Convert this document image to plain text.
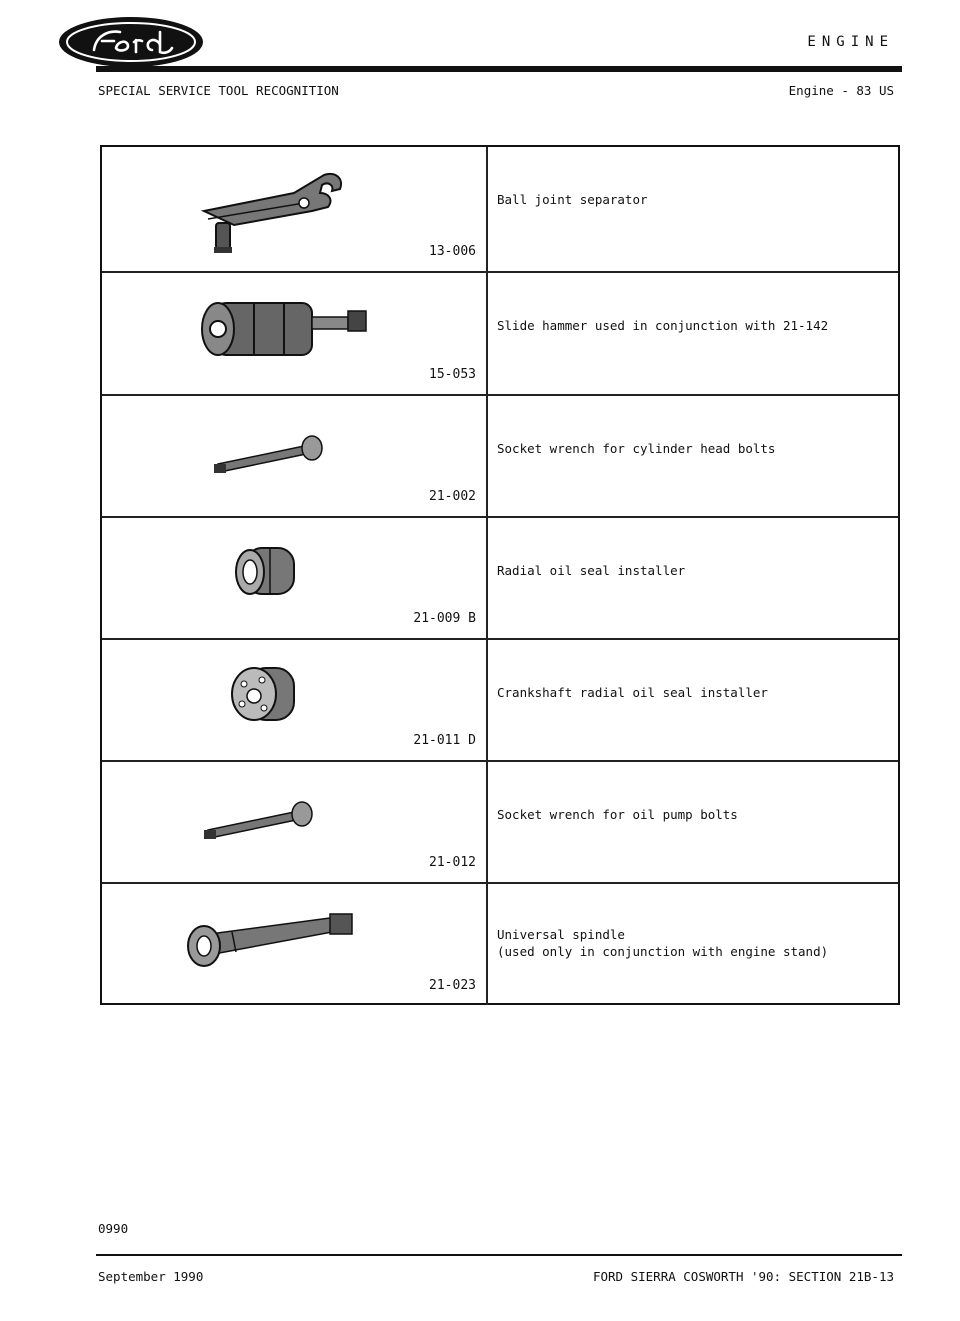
ENGINE
SPECIAL SERVICE TOOL RECOGNITION	Engine - 83 US
13-006
Ball joint separator
15-053
Slide hammer used in conjunction with 21-142
21-002
Socket wrench for cylinder head bolts
21-009 B
Radial oil seal installer
21-011 D
Crankshaft radial oil seal installer
21-012
Socket wrench for oil pump bolts
21-023
Universal spindle
(used only in conjunction with engine stand)
0990
September 1990	FORD SIERRA COSWORTH '90: SECTION 21B-13
